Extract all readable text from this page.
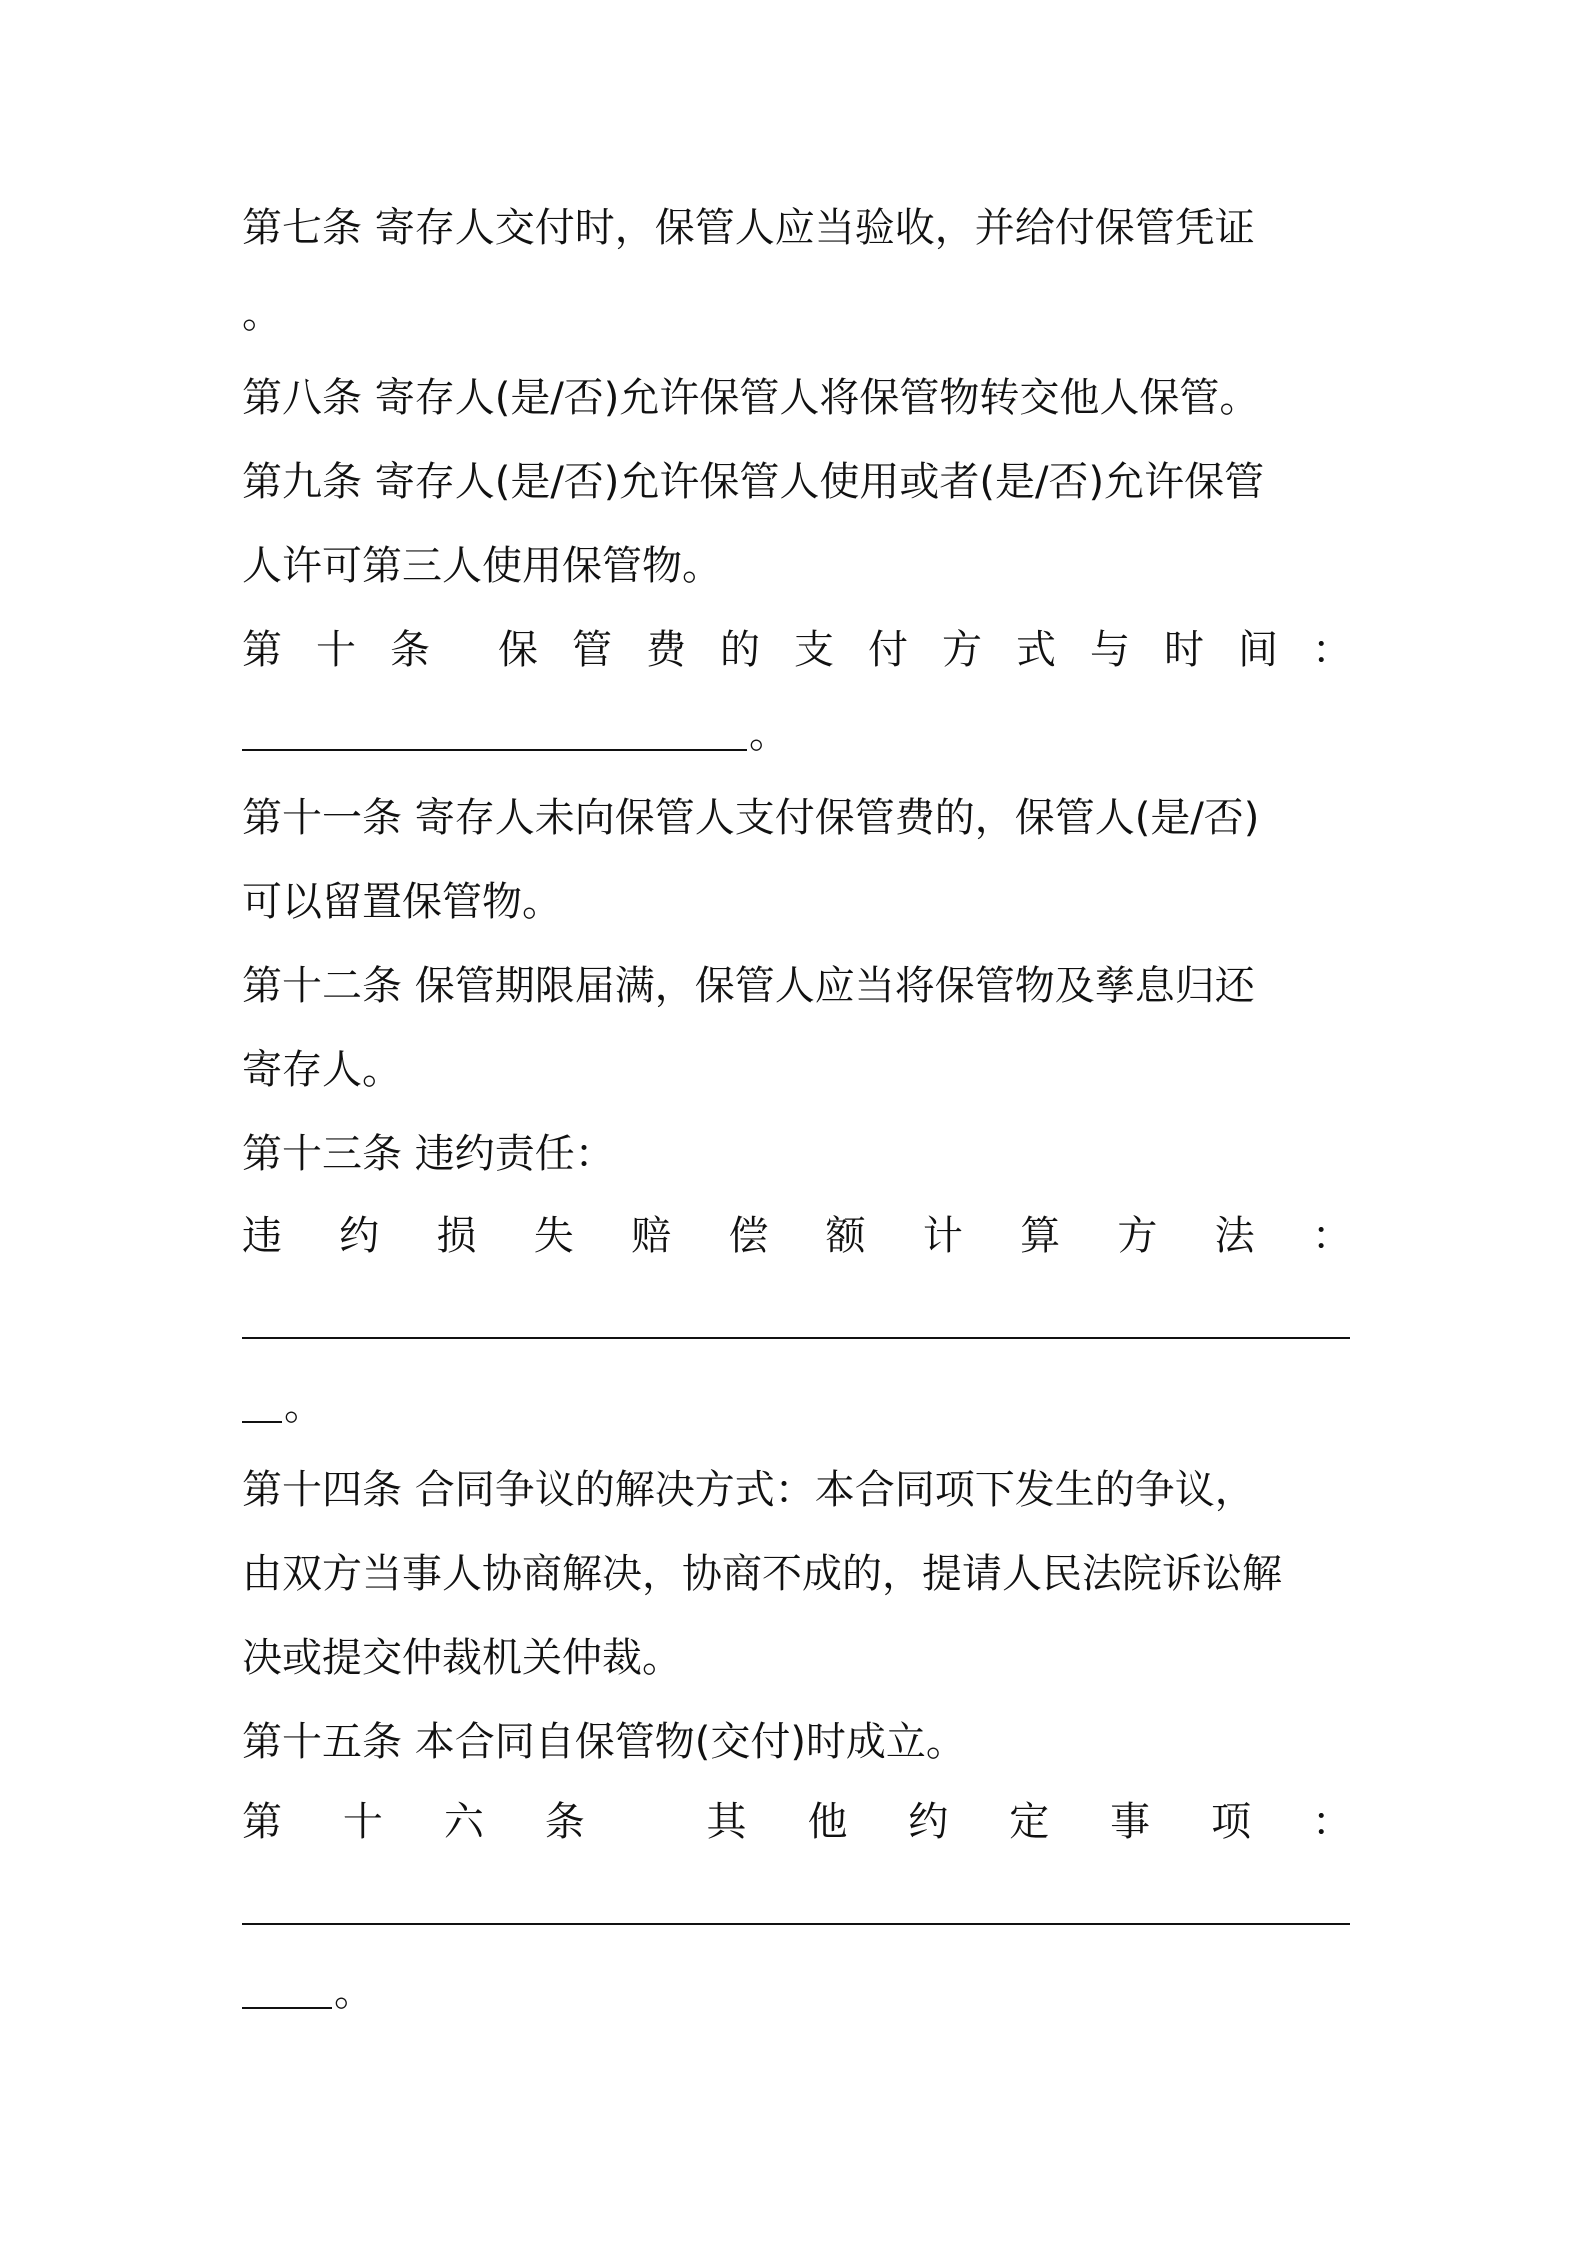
第七条 寄存人交付时，保管人应当验收，并给付保管凭证
。
第八条 寄存人(是/否)允许保管人将保管物转交他人保管。
第九条 寄存人(是/否)允许保管人使用或者(是/否)允许保管
人许可第三人使用保管物。
第 十 条 保 管 费 的 支 付 方 式 与 时 间 ：
。
第十一条 寄存人未向保管人支付保管费的，保管人(是/否)
可以留置保管物。
第十二条 保管期限届满，保管人应当将保管物及孳息归还
寄存人。
第十三条 违约责任：
违 约 损 失 赔 偿 额 计 算 方 法 ：
。
第十四条 合同争议的解决方式：本合同项下发生的争议，
由双方当事人协商解决，协商不成的，提请人民法院诉讼解
决或提交仲裁机关仲裁。
第十五条 本合同自保管物(交付)时成立。
第 十 六 条	其 他 约 定 事 项 ：
。
